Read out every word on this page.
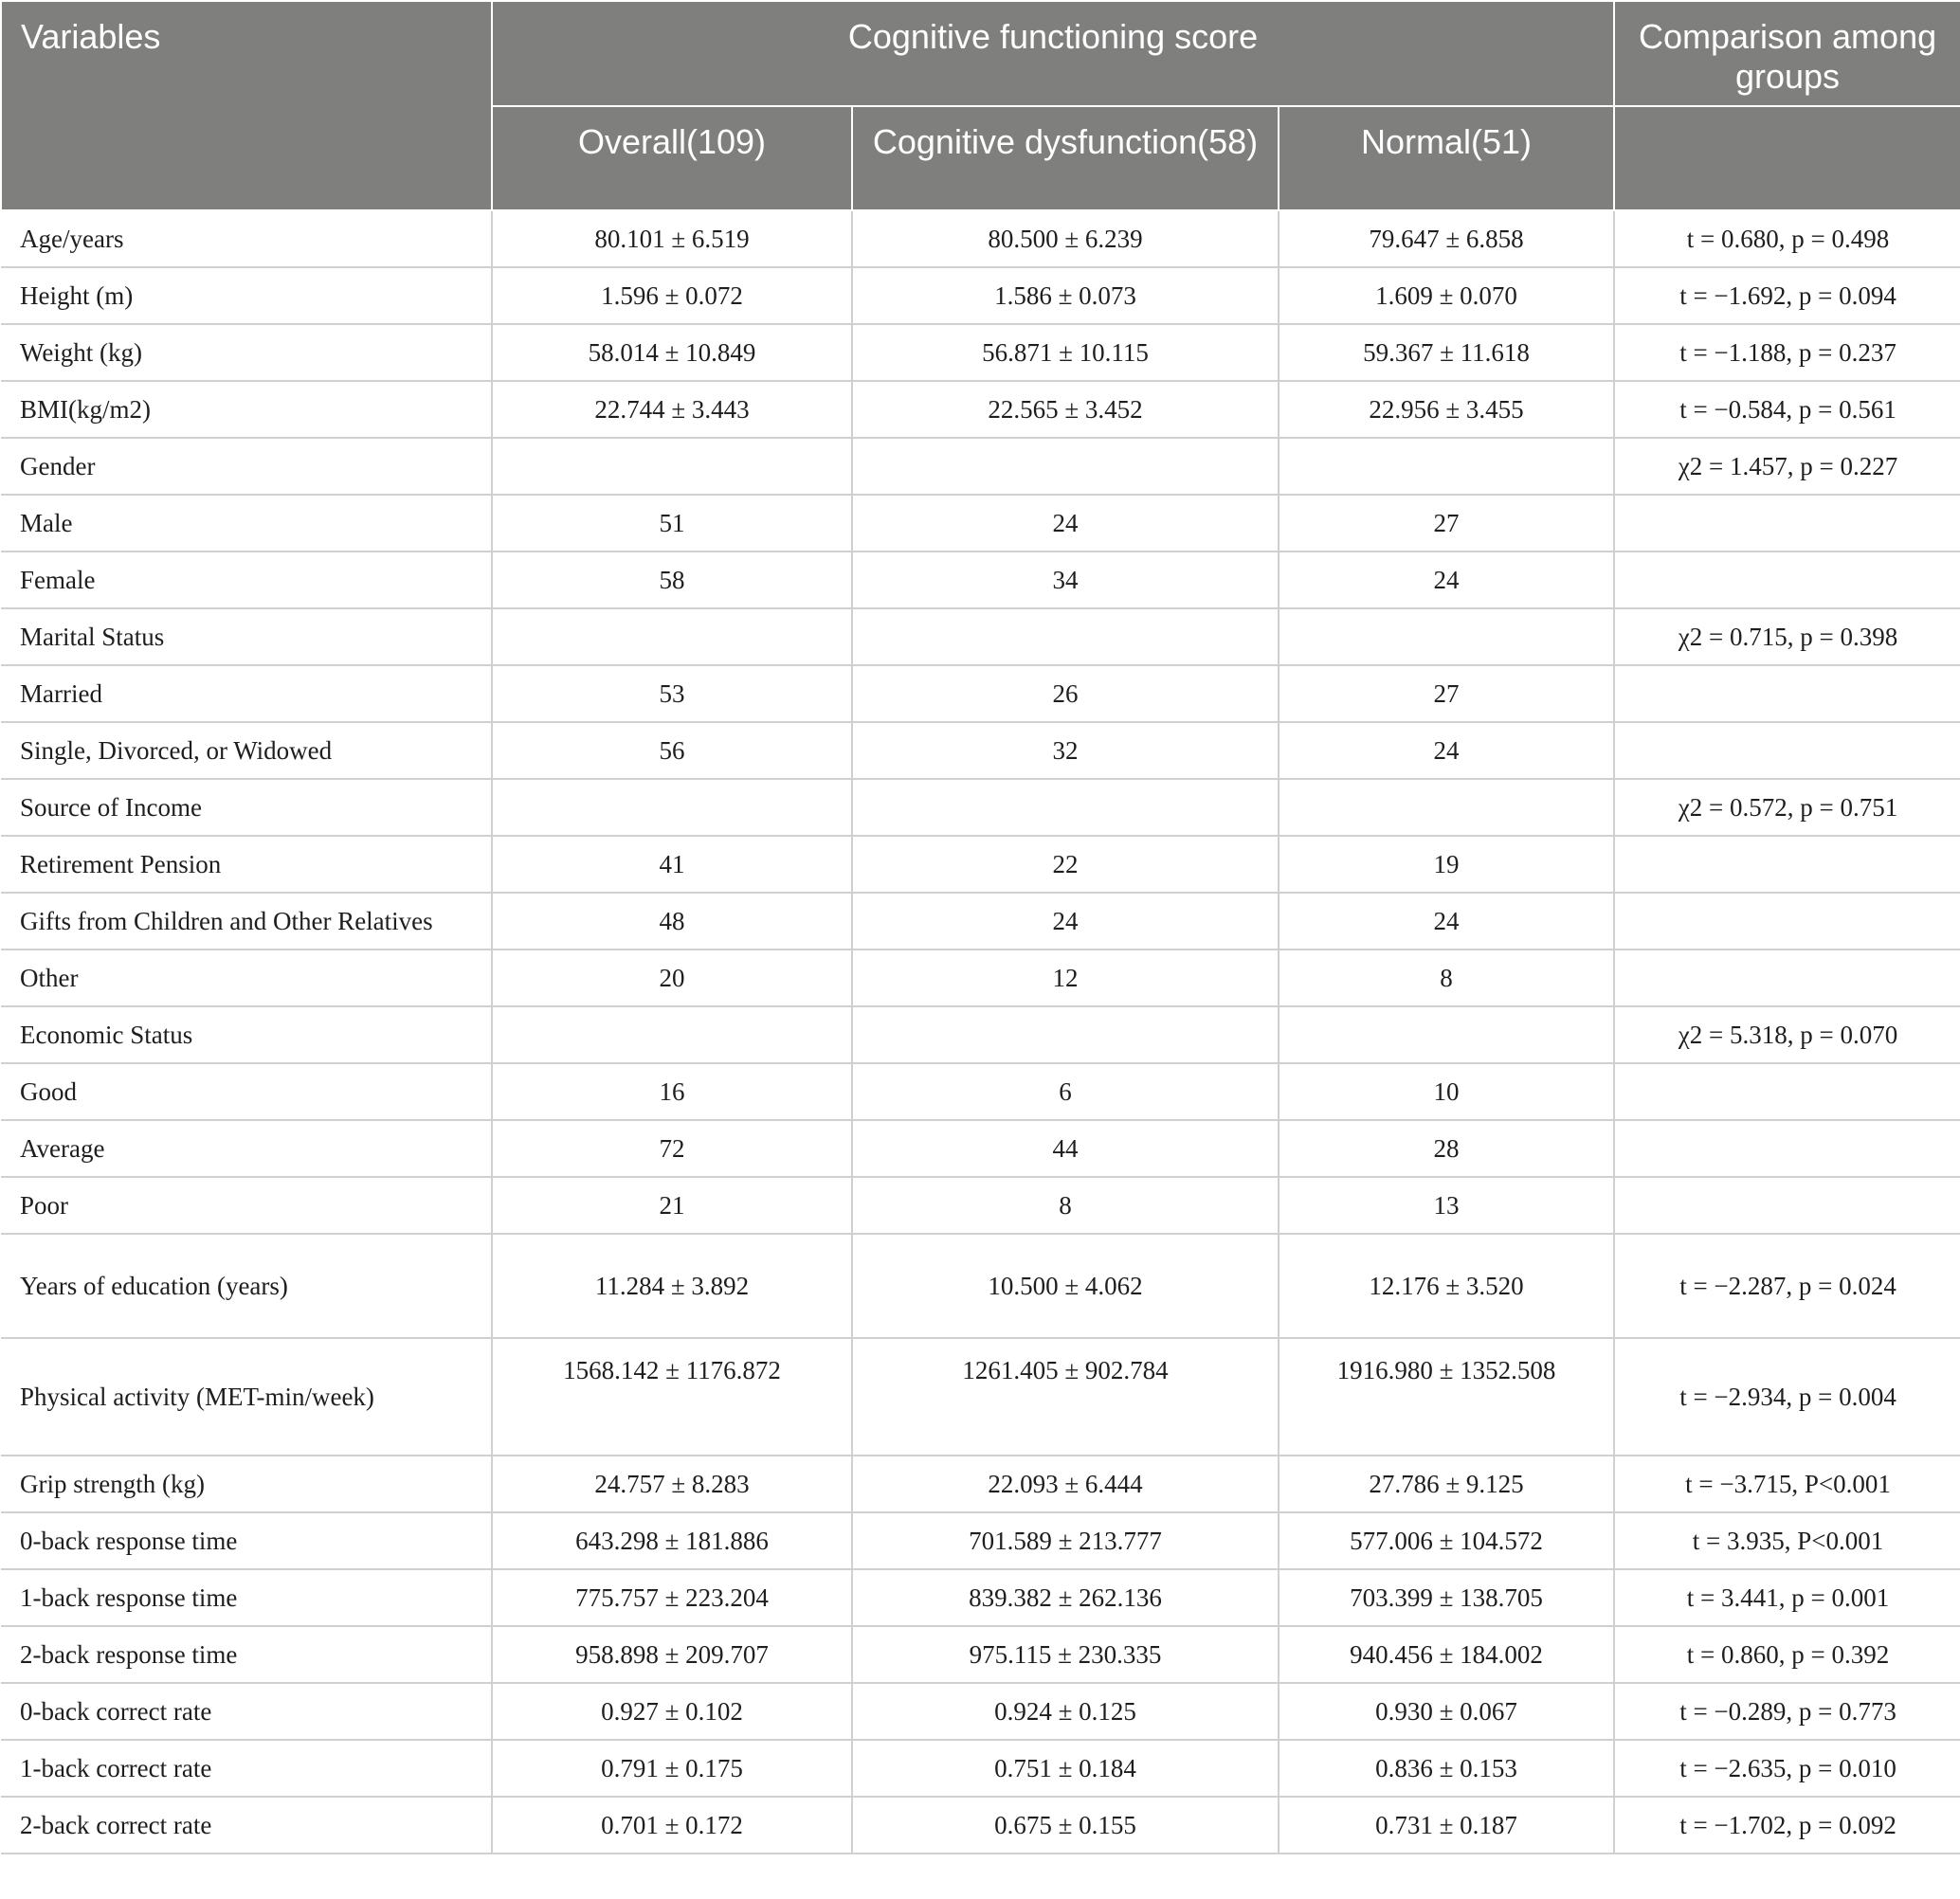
Variables	Cognitive functioning score			Comparison among groups
	Overall(109)	Cognitive dysfunction(58)	Normal(51)	
Age/years	80.101 ± 6.519	80.500 ± 6.239	79.647 ± 6.858	t = 0.680, p = 0.498
Height (m)	1.596 ± 0.072	1.586 ± 0.073	1.609 ± 0.070	t = −1.692, p = 0.094
Weight (kg)	58.014 ± 10.849	56.871 ± 10.115	59.367 ± 11.618	t = −1.188, p = 0.237
BMI(kg/m2)	22.744 ± 3.443	22.565 ± 3.452	22.956 ± 3.455	t = −0.584, p = 0.561
Gender				χ2 = 1.457, p = 0.227
Male	51	24	27	
Female	58	34	24	
Marital Status				χ2 = 0.715, p = 0.398
Married	53	26	27	
Single, Divorced, or Widowed	56	32	24	
Source of Income				χ2 = 0.572, p = 0.751
Retirement Pension	41	22	19	
Gifts from Children and Other Relatives	48	24	24	
Other	20	12	8	
Economic Status				χ2 = 5.318, p = 0.070
Good	16	6	10	
Average	72	44	28	
Poor	21	8	13	
Years of education (years)	11.284 ± 3.892	10.500 ± 4.062	12.176 ± 3.520	t = −2.287, p = 0.024
Physical activity (MET-min/week)	1568.142 ± 1176.872	1261.405 ± 902.784	1916.980 ± 1352.508	t = −2.934, p = 0.004
Grip strength (kg)	24.757 ± 8.283	22.093 ± 6.444	27.786 ± 9.125	t = −3.715, P<0.001
0-back response time	643.298 ± 181.886	701.589 ± 213.777	577.006 ± 104.572	t = 3.935, P<0.001
1-back response time	775.757 ± 223.204	839.382 ± 262.136	703.399 ± 138.705	t = 3.441, p = 0.001
2-back response time	958.898 ± 209.707	975.115 ± 230.335	940.456 ± 184.002	t = 0.860, p = 0.392
0-back correct rate	0.927 ± 0.102	0.924 ± 0.125	0.930 ± 0.067	t = −0.289, p = 0.773
1-back correct rate	0.791 ± 0.175	0.751 ± 0.184	0.836 ± 0.153	t = −2.635, p = 0.010
2-back correct rate	0.701 ± 0.172	0.675 ± 0.155	0.731 ± 0.187	t = −1.702, p = 0.092
